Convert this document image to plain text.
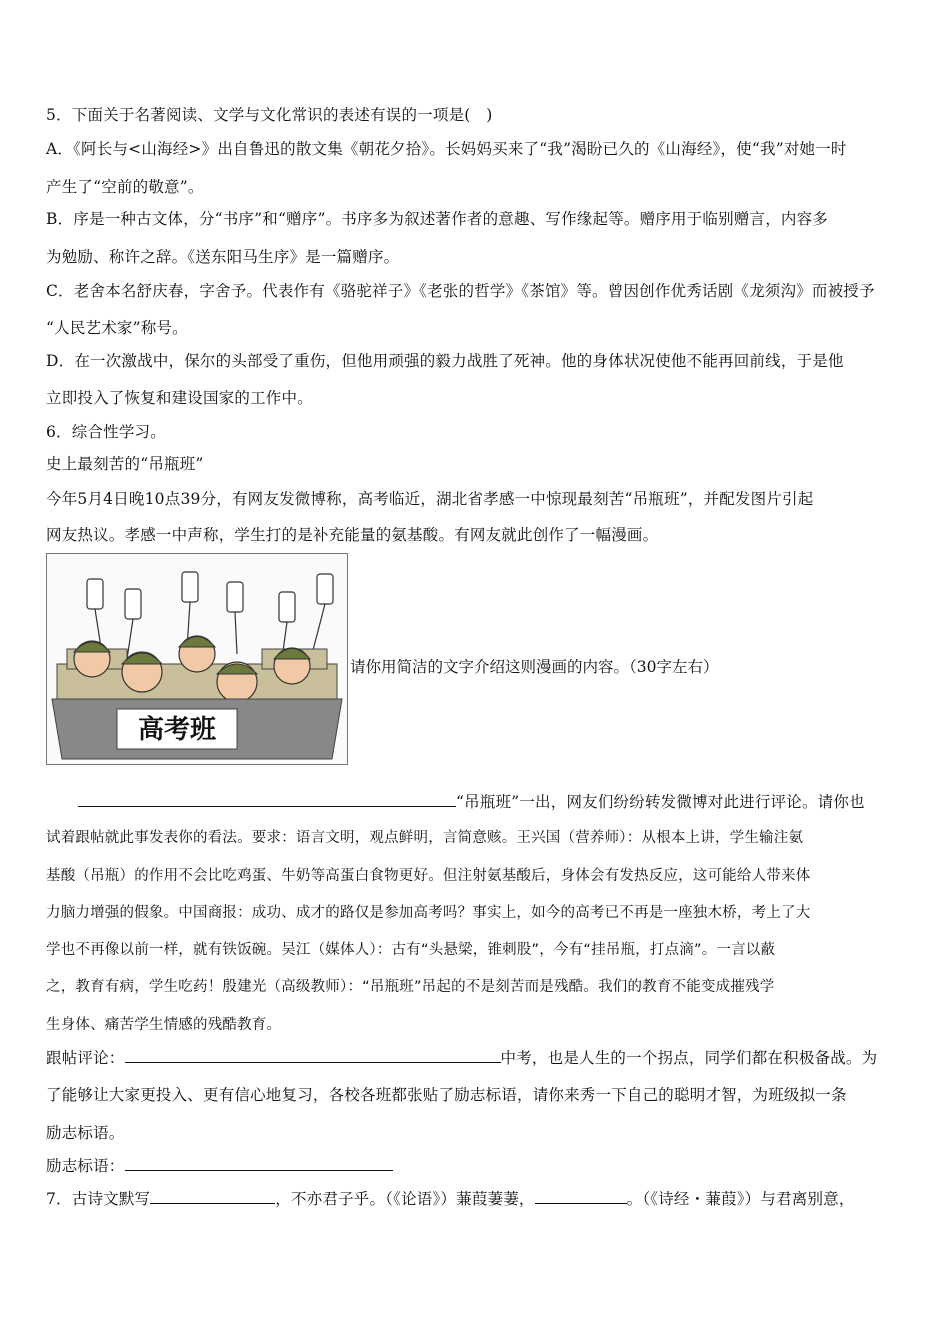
5．下面关于名著阅读、文学与文化常识的表述有误的一项是(　)
A．《阿长与<山海经>》出自鲁迅的散文集《朝花夕拾》。长妈妈买来了“我”渴盼已久的《山海经》，使“我”对她一时
产生了“空前的敬意”。
B．序是一种古文体，分“书序”和“赠序”。书序多为叙述著作者的意趣、写作缘起等。赠序用于临别赠言，内容多
为勉励、称许之辞。《送东阳马生序》是一篇赠序。
C．老舍本名舒庆春，字舍予。代表作有《骆驼祥子》《老张的哲学》《茶馆》等。曾因创作优秀话剧《龙须沟》而被授予
“人民艺术家”称号。
D．在一次激战中，保尔的头部受了重伤，但他用顽强的毅力战胜了死神。他的身体状况使他不能再回前线，于是他
立即投入了恢复和建设国家的工作中。
6．综合性学习。
史上最刻苦的“吊瓶班”
今年5月4日晚10点39分，有网友发微博称，高考临近，湖北省孝感一中惊现最刻苦“吊瓶班”，并配发图片引起
网友热议。孝感一中声称，学生打的是补充能量的氨基酸。有网友就此创作了一幅漫画。
高考班
请你用简洁的文字介绍这则漫画的内容。（30字左右）
“吊瓶班”一出，网友们纷纷转发微博对此进行评论。请你也
试着跟帖就此事发表你的看法。要求：语言文明，观点鲜明，言简意赅。王兴国（营养师）：从根本上讲，学生输注氨
基酸（吊瓶）的作用不会比吃鸡蛋、牛奶等高蛋白食物更好。但注射氨基酸后，身体会有发热反应，这可能给人带来体
力脑力增强的假象。中国商报：成功、成才的路仅是参加高考吗？事实上，如今的高考已不再是一座独木桥，考上了大
学也不再像以前一样，就有铁饭碗。吴江（媒体人）：古有“头悬梁，锥刺股”，今有“挂吊瓶，打点滴”。一言以蔽
之，教育有病，学生吃药！殷建光（高级教师）：“吊瓶班”吊起的不是刻苦而是残酷。我们的教育不能变成摧残学
生身体、痛苦学生情感的残酷教育。
跟帖评论：	中考，也是人生的一个拐点，同学们都在积极备战。为
了能够让大家更投入、更有信心地复习，各校各班都张贴了励志标语，请你来秀一下自己的聪明才智，为班级拟一条
励志标语。
励志标语：
7．古诗文默写	，不亦君子乎。（《论语》）蒹葭萋萋，	。（《诗经・蒹葭》）与君离别意，
